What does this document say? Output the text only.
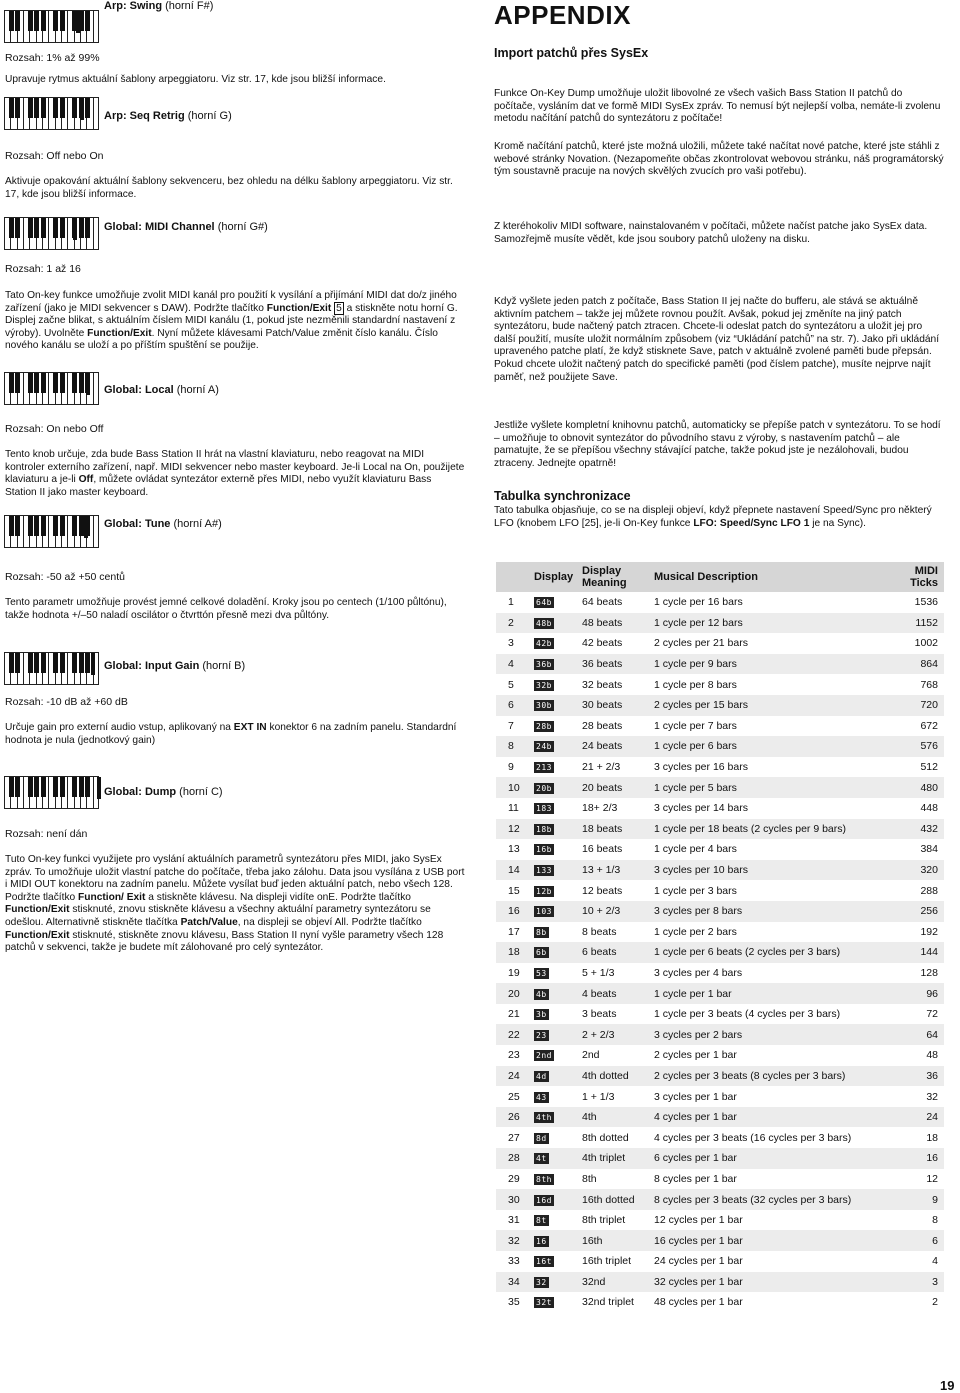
Arp: Swing (horní F#)
Rozsah: 1% až 99%
Upravuje rytmus aktuální šablony arpeggiatoru. Viz str. 17, kde jsou bližší informace.
Arp: Seq Retrig (horní G)
Rozsah: Off nebo On
Aktivuje opakování aktuální šablony sekvenceru, bez ohledu na délku šablony arpeggiatoru. Viz str. 17, kde jsou bližší informace.
Global: MIDI Channel (horní G#)
Rozsah: 1 až 16
Tato On-key funkce umožňuje zvolit MIDI kanál pro použití k vysílání a přijímání MIDI dat do/z jiného zařízení (jako je MIDI sekvencer s DAW). Podržte tlačítko Function/Exit 5 a stiskněte notu horní G. Displej začne blikat, s aktuálním číslem MIDI kanálu (1, pokud jste nezměnili standardní nastavení z výroby). Uvolněte Function/Exit. Nyní můžete klávesami Patch/Value změnit číslo kanálu. Číslo nového kanálu se uloží a po příštím spuštění se použije.
Global: Local (horní A)
Rozsah: On nebo Off
Tento knob určuje, zda bude Bass Station II hrát na vlastní klaviaturu, nebo reagovat na MIDI kontroler externího zařízení, např. MIDI sekvencer nebo master keyboard. Je-li Local na On, použijete klaviaturu a je-li Off, můžete ovládat syntezátor externě přes MIDI, nebo využít klaviaturu Bass Station II jako master keyboard.
Global: Tune (horní A#)
Rozsah: -50 až +50 centů
Tento parametr umožňuje provést jemné celkové doladění. Kroky jsou po centech (1/100 půltónu), takže hodnota +/–50 naladí oscilátor o čtvrttón přesně mezi dva půltóny.
Global: Input Gain (horní B)
Rozsah: -10 dB až +60 dB
Určuje gain pro externí audio vstup, aplikovaný na EXT IN konektor 6 na zadním panelu. Standardní hodnota je nula (jednotkový gain)
Global: Dump (horní C)
Rozsah: není dán
Tuto On-key funkci využijete pro vyslání aktuálních parametrů syntezátoru přes MIDI, jako SysEx zpráv. To umožňuje uložit vlastní patche do počítače, třeba jako zálohu. Data jsou vysílána z USB port i MIDI OUT konektoru na zadním panelu. Můžete vysílat buď jeden aktuální patch, nebo všech 128. Podržte tlačítko Function/ Exit a stiskněte klávesu. Na displeji vidíte onE. Podržte tlačítko Function/Exit stisknuté, znovu stiskněte klávesu a všechny aktuální parametry syntezátoru se odešlou. Alternativně stiskněte tlačítka Patch/Value, na displeji se objeví All. Podržte tlačítko Function/Exit stisknuté, stiskněte znovu klávesu, Bass Station II nyní vyšle parametry všech 128 patchů v sekvenci, takže je budete mít zálohované pro celý syntezátor.
APPENDIX
Import patchů přes SysEx
Funkce On-Key Dump umožňuje uložit libovolné ze všech vašich Bass Station II patchů do počítače, vysláním dat ve formě MIDI SysEx zpráv. To nemusí být nejlepší volba, nemáte-li zvolenu metodu načítání patchů do syntezátoru z počítače!
Kromě načítání patchů, které jste možná uložili, můžete také načítat nové patche, které jste stáhli z webové stránky Novation. (Nezapomeňte občas zkontrolovat webovou stránku, náš programátorský tým soustavně pracuje na nových skvělých zvucích pro vaši potřebu).
Z kteréhokoliv MIDI software, nainstalovaném v počítači, můžete načíst patche jako SysEx data. Samozřejmě musíte vědět, kde jsou soubory patchů uloženy na disku.
Když vyšlete jeden patch z počítače, Bass Station II jej načte do bufferu, ale stává se aktuálně aktivním patchem – takže jej můžete rovnou použít. Avšak, pokud jej změníte na jiný patch syntezátoru, bude načtený patch ztracen. Chcete-li odeslat patch do syntezátoru a uložit jej pro další použití, musíte uložit normálním způsobem (viz “Ukládání patchů” na str. 7). Jako při ukládání upraveného patche platí, že když stisknete Save, patch v aktuálně zvolené paměti bude přepsán. Pokud chcete uložit načtený patch do specifické paměti (pod číslem patche), musíte nejprve najít paměť, než použijete Save.
Jestliže vyšlete kompletní knihovnu patchů, automaticky se přepíše patch v syntezátoru. To se hodí – umožňuje to obnovit syntezátor do původního stavu z výroby, s nastavením patchů – ale pamatujte, že se přepíšou všechny stávající patche, takže pokud jste je nezálohovali, budou ztraceny. Jednejte opatrně!
Tabulka synchronizace
Tato tabulka objasňuje, co se na displeji objeví, když přepnete nastavení Speed/Sync pro některý LFO (knobem LFO [25], je-li On-Key funkce LFO: Speed/Sync LFO 1 je na Sync).
	Display	Display Meaning	Musical Description	MIDI Ticks
1	64b	64 beats	1 cycle per 16 bars	1536
2	48b	48 beats	1 cycle per 12 bars	1152
3	42b	42 beats	2 cycles per 21 bars	1002
4	36b	36 beats	1 cycle per 9 bars	864
5	32b	32 beats	1 cycle per 8 bars	768
6	30b	30 beats	2 cycles per 15 bars	720
7	28b	28 beats	1 cycle per 7 bars	672
8	24b	24 beats	1 cycle per 6 bars	576
9	213	21 + 2/3	3 cycles per 16 bars	512
10	20b	20 beats	1 cycle per 5 bars	480
11	183	18+ 2/3	3 cycles per 14 bars	448
12	18b	18 beats	1 cycle per 18 beats (2 cycles per 9 bars)	432
13	16b	16 beats	1 cycle per 4 bars	384
14	133	13 + 1/3	3 cycles per 10 bars	320
15	12b	12 beats	1 cycle per 3 bars	288
16	103	10 + 2/3	3 cycles per 8 bars	256
17	8b	8 beats	1 cycle per 2 bars	192
18	6b	6 beats	1 cycle per 6 beats (2 cycles per 3 bars)	144
19	53	5 + 1/3	3 cycles per 4 bars	128
20	4b	4 beats	1 cycle per 1 bar	96
21	3b	3 beats	1 cycle per 3 beats (4 cycles per 3 bars)	72
22	23	2 + 2/3	3 cycles per 2 bars	64
23	2nd	2nd	2 cycles per 1 bar	48
24	4d	4th dotted	2 cycles per 3 beats (8 cycles per 3 bars)	36
25	43	1 + 1/3	3 cycles per 1 bar	32
26	4th	4th	4 cycles per 1 bar	24
27	8d	8th dotted	4 cycles per 3 beats (16 cycles per 3 bars)	18
28	4t	4th triplet	6 cycles per 1 bar	16
29	8th	8th	8 cycles per 1 bar	12
30	16d	16th dotted	8 cycles per 3 beats (32 cycles per 3 bars)	9
31	8t	8th triplet	12 cycles per 1 bar	8
32	16	16th	16 cycles per 1 bar	6
33	16t	16th triplet	24 cycles per 1 bar	4
34	32	32nd	32 cycles per 1 bar	3
35	32t	32nd triplet	48 cycles per 1 bar	2
19
